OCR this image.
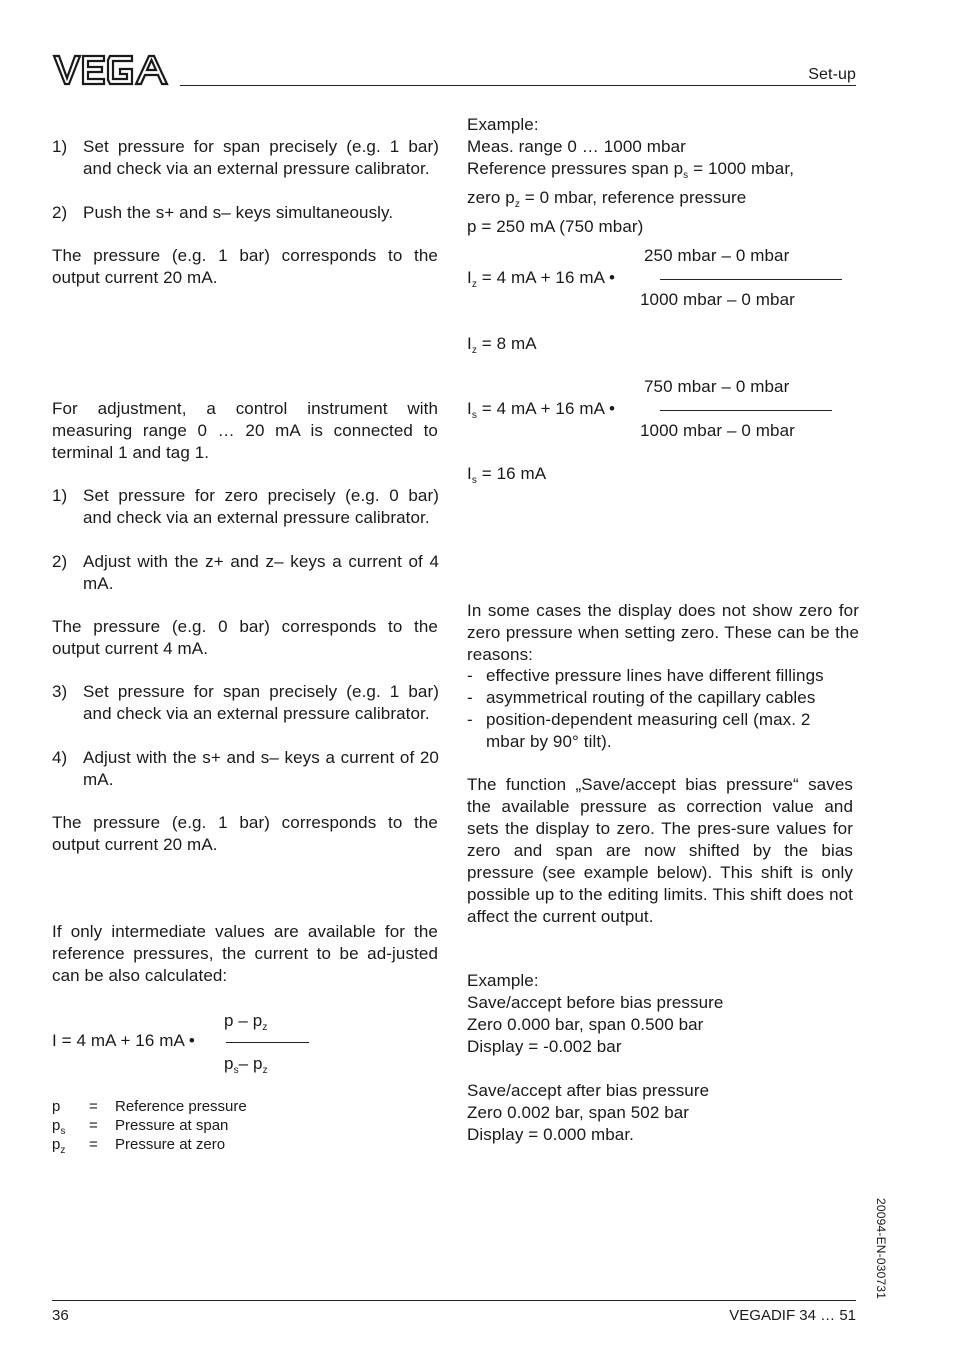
Set-up
1) Set pressure for span precisely (e.g. 1 bar) and check via an external pressure calibrator.
2) Push the s+ and s– keys simultaneously.

The pressure (e.g. 1 bar) corresponds to the output current 20 mA.

For adjustment, a control instrument with measuring range 0 … 20 mA is connected to terminal 1 and tag 1.

1) Set pressure for zero precisely (e.g. 0 bar) and check via an external pressure calibrator.
2) Adjust with the z+ and z– keys a current of 4 mA.

The pressure (e.g. 0 bar) corresponds to the output current 4 mA.

3) Set pressure for span precisely (e.g. 1 bar) and check via an external pressure calibrator.
4) Adjust with the s+ and s– keys a current of 20 mA.

The pressure (e.g. 1 bar) corresponds to the output current 20 mA.

If only intermediate values are available for the reference pressures, the current to be ad-justed can be also calculated:

p – $p_z$
I = 4 mA + 16 mA •
$p_s-$ $p_z$
p = Reference pressure
$p_s$ = Pressure at span
$p_z$ = Pressure at zero
Example:
Meas. range 0 … 1000 mbar
Reference pressures span $p_s = 1000$ mbar,
zero $p_z = 0$ mbar, reference pressure
p = 250 mA (750 mbar)
250 mbar – 0 mbar
$I_z = 4$ mA + 16 mA •
1000 mbar – 0 mbar
$I_z = 8$ mA
750 mbar – 0 mbar
$I_s = 4$ mA + 16 mA •
1000 mbar – 0 mbar
$I_s = 16$ mA

In some cases the display does not show zero for zero pressure when setting zero. These can be the reasons:

- effective pressure lines have different fillings
- asymmetrical routing of the capillary cables
- position-dependent measuring cell (max. 2 mbar by 90° tilt).

The function „Save/accept bias pressure“ saves the available pressure as correction value and sets the display to zero. The pres-sure values for zero and span are now shifted by the bias pressure (see example below). This shift is only possible up to the editing limits. This shift does not affect the current output.

Example:
Save/accept before bias pressure
Zero 0.000 bar, span 0.500 bar
Display = -0.002 bar
Save/accept after bias pressure
Zero 0.002 bar, span 502 bar
Display = 0.000 mbar.
20094-EN-030731
36	VEGADIF 34 … 51
